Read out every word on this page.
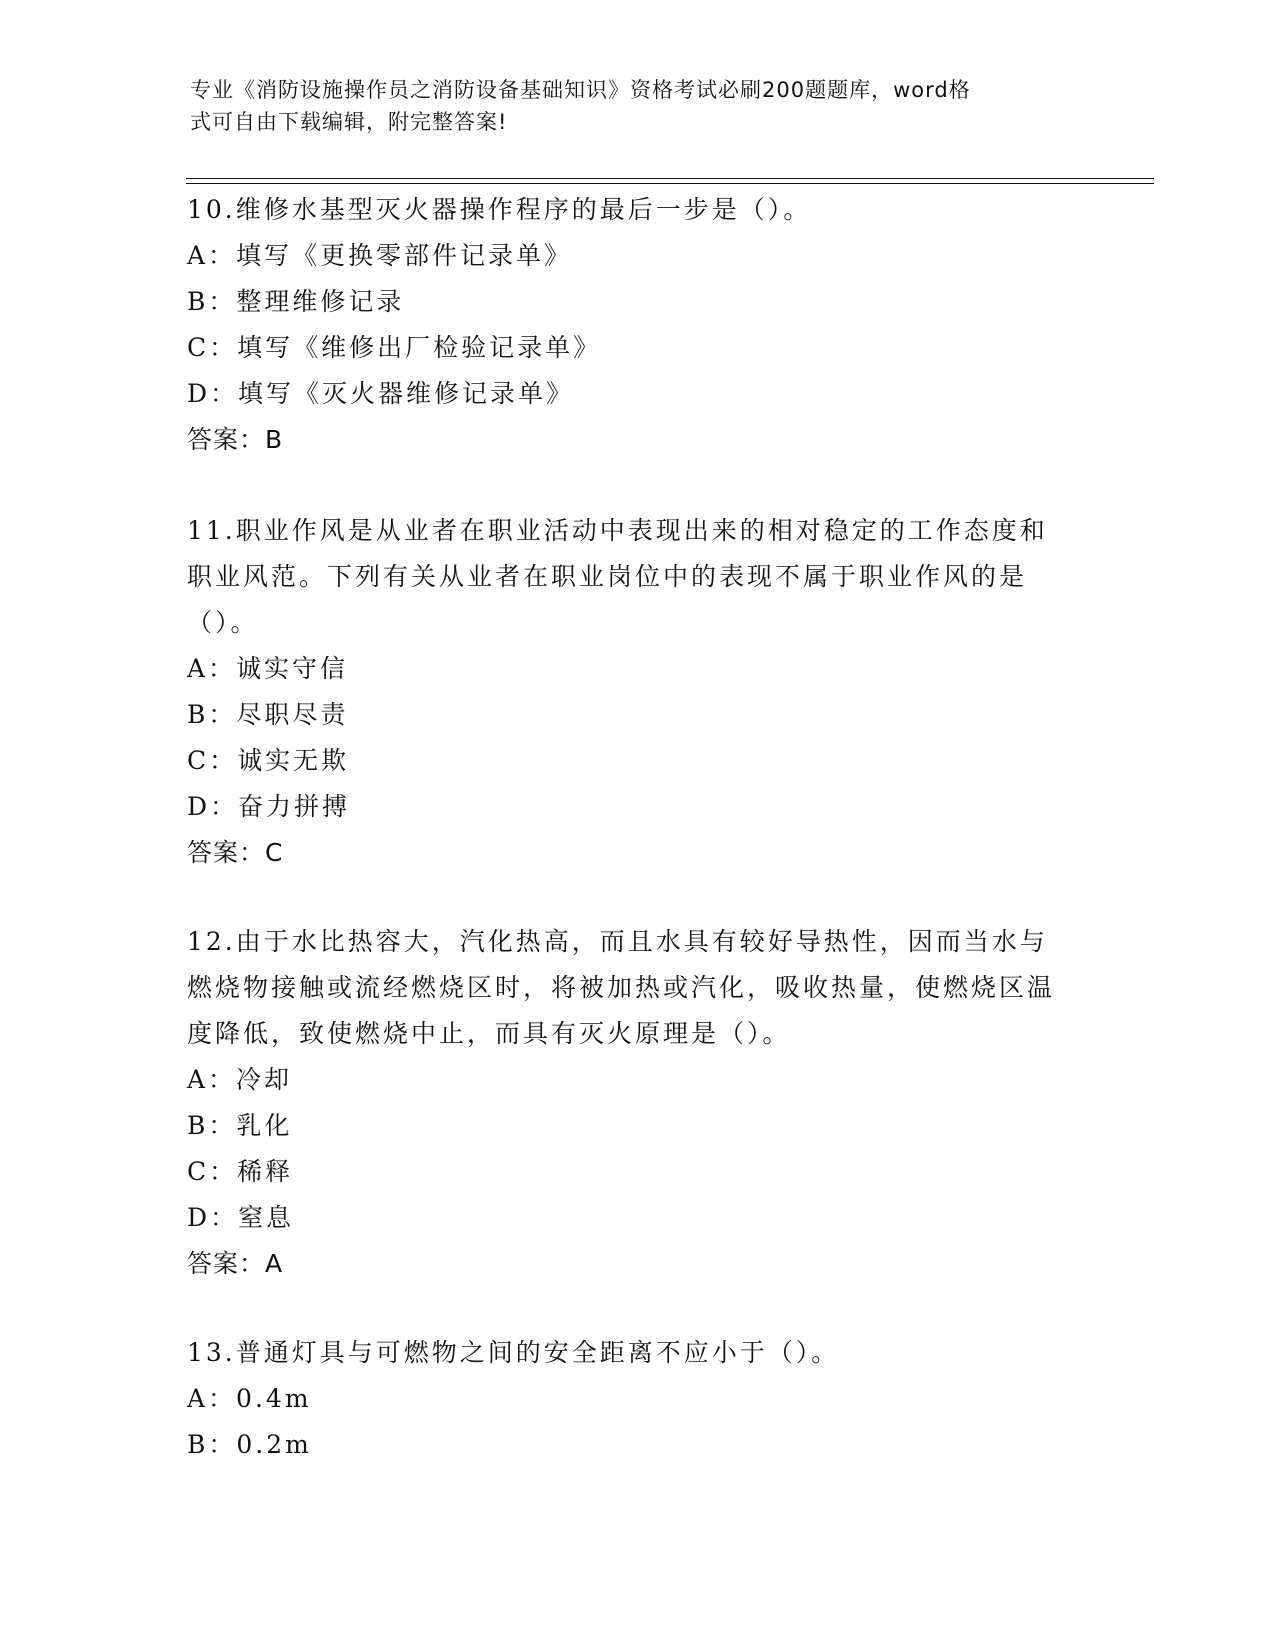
专业《消防设施操作员之消防设备基础知识》资格考试必刷200题题库，word格
式可自由下载编辑，附完整答案!

10.维修水基型灭火器操作程序的最后一步是（）。

A：填写《更换零部件记录单》

B：整理维修记录

C：填写《维修出厂检验记录单》

D：填写《灭火器维修记录单》

答案：B

11.职业作风是从业者在职业活动中表现出来的相对稳定的工作态度和职业风范。下列有关从业者在职业岗位中的表现不属于职业作风的是（）。

A：诚实守信

B：尽职尽责

C：诚实无欺

D：奋力拼搏

答案：C

12.由于水比热容大，汽化热高，而且水具有较好导热性，因而当水与燃烧物接触或流经燃烧区时，将被加热或汽化，吸收热量，使燃烧区温度降低，致使燃烧中止，而具有灭火原理是（）。

A：冷却

B：乳化

C：稀释

D：窒息

答案：A

13.普通灯具与可燃物之间的安全距离不应小于（）。

A：0.4m

B：0.2m
